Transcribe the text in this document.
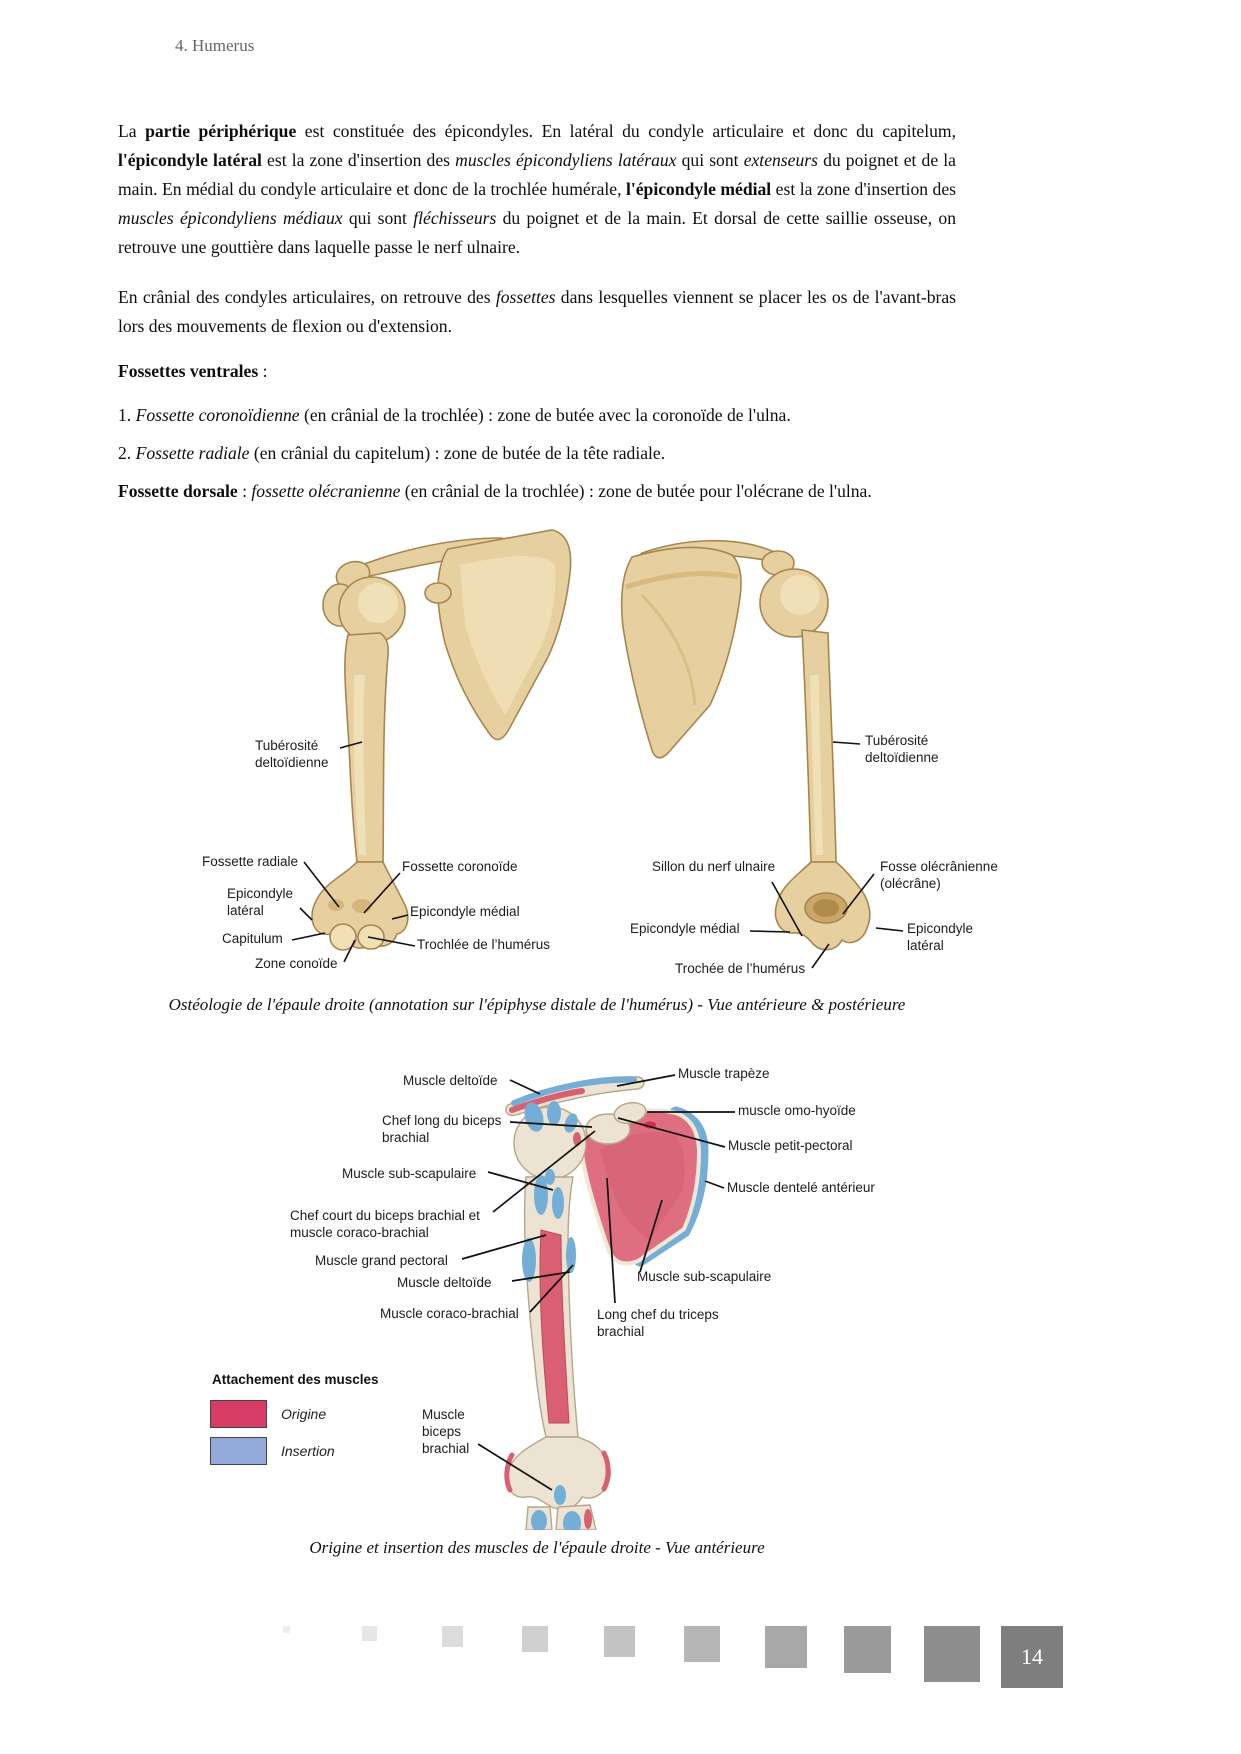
4. Humerus

La partie périphérique est constituée des épicondyles. En latéral du condyle articulaire et donc du capitelum, l'épicondyle latéral est la zone d'insertion des muscles épicondyliens latéraux qui sont extenseurs du poignet et de la main. En médial du condyle articulaire et donc de la trochlée humérale, l'épicondyle médial est la zone d'insertion des muscles épicondyliens médiaux qui sont fléchisseurs du poignet et de la main. Et dorsal de cette saillie osseuse, on retrouve une gouttière dans laquelle passe le nerf ulnaire.

En crânial des condyles articulaires, on retrouve des fossettes dans lesquelles viennent se placer les os de l'avant-bras lors des mouvements de flexion ou d'extension.

Fossettes ventrales :

1. Fossette coronoïdienne (en crânial de la trochlée) : zone de butée avec la coronoïde de l'ulna.

2. Fossette radiale (en crânial du capitelum) : zone de butée de la tête radiale.

Fossette dorsale : fossette olécranienne (en crânial de la trochlée) : zone de butée pour l'olécrane de l'ulna.

Tubérosité deltoïdienne
Fossette radiale
Epicondyle latéral
Capitulum
Zone conoïde
Fossette coronoïde
Epicondyle médial
Trochlée de l’humérus
Tubérosité deltoïdienne
Sillon du nerf ulnaire	Fosse olécrânienne (olécrâne)
Epicondyle médial	Epicondyle latéral
Trochée de l’humérus
Ostéologie de l'épaule droite (annotation sur l'épiphyse distale de l'humérus) - Vue antérieure & postérieure
Muscle deltoïde
Chef long du biceps brachial
Muscle sub-scapulaire
Chef court du biceps brachial et muscle coraco-brachial
Muscle grand pectoral
Muscle deltoïde
Muscle coraco-brachial
Muscle biceps brachial
Muscle trapèze
muscle omo-hyoïde
Muscle petit-pectoral
Muscle dentelé antérieur
Muscle sub-scapulaire
Long chef du triceps brachial
Attachement des muscles
Origine
Insertion
Origine et insertion des muscles de l'épaule droite - Vue antérieure
14
